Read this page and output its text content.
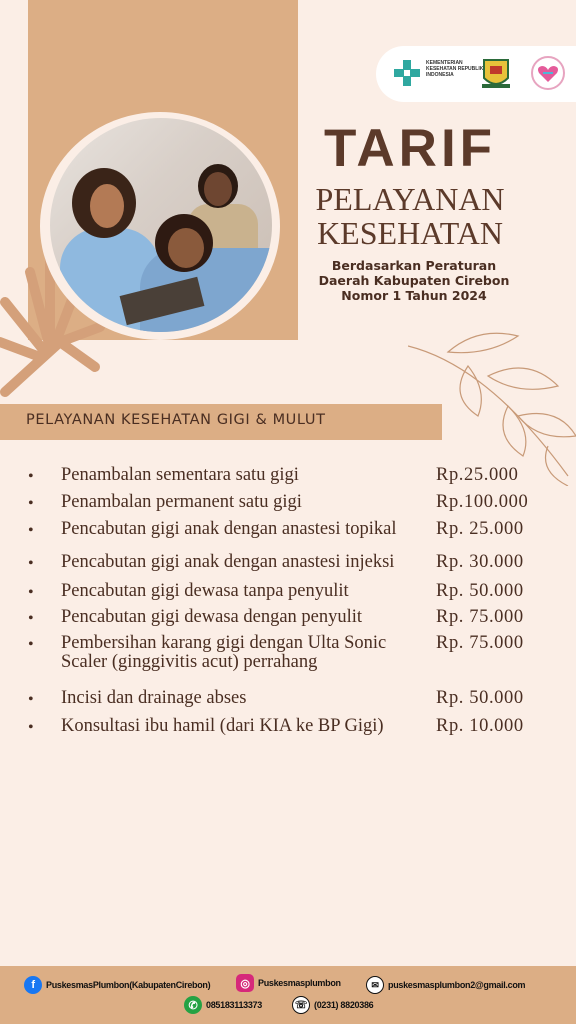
KEMENTERIAN KESEHATAN REPUBLIK INDONESIA
TARIF
PELAYANAN
KESEHATAN
Berdasarkan Peraturan Daerah Kabupaten Cirebon Nomor 1 Tahun 2024
PELAYANAN KESEHATAN GIGI & MULUT
•	Penambalan sementara satu gigi	Rp.25.000
•	Penambalan permanent satu gigi	Rp.100.000
•	Pencabutan gigi anak dengan anastesi topikal	Rp. 25.000
•	Pencabutan gigi anak dengan anastesi injeksi	Rp. 30.000
•	Pencabutan gigi dewasa tanpa penyulit	Rp. 50.000
•	Pencabutan gigi dewasa dengan penyulit	Rp. 75.000
•	Pembersihan karang gigi dengan Ulta Sonic Scaler (ginggivitis acut) perrahang
Rp. 75.000
•	Incisi dan drainage abses	Rp. 50.000
•	Konsultasi ibu hamil (dari KIA ke BP Gigi)	Rp. 10.000
f	PuskesmasPlumbon(KabupatenCirebon)	◎ Puskesmasplumbon	✉	puskesmasplumbon2@gmail.com
✆ 085183113373	☏ (0231) 8820386
